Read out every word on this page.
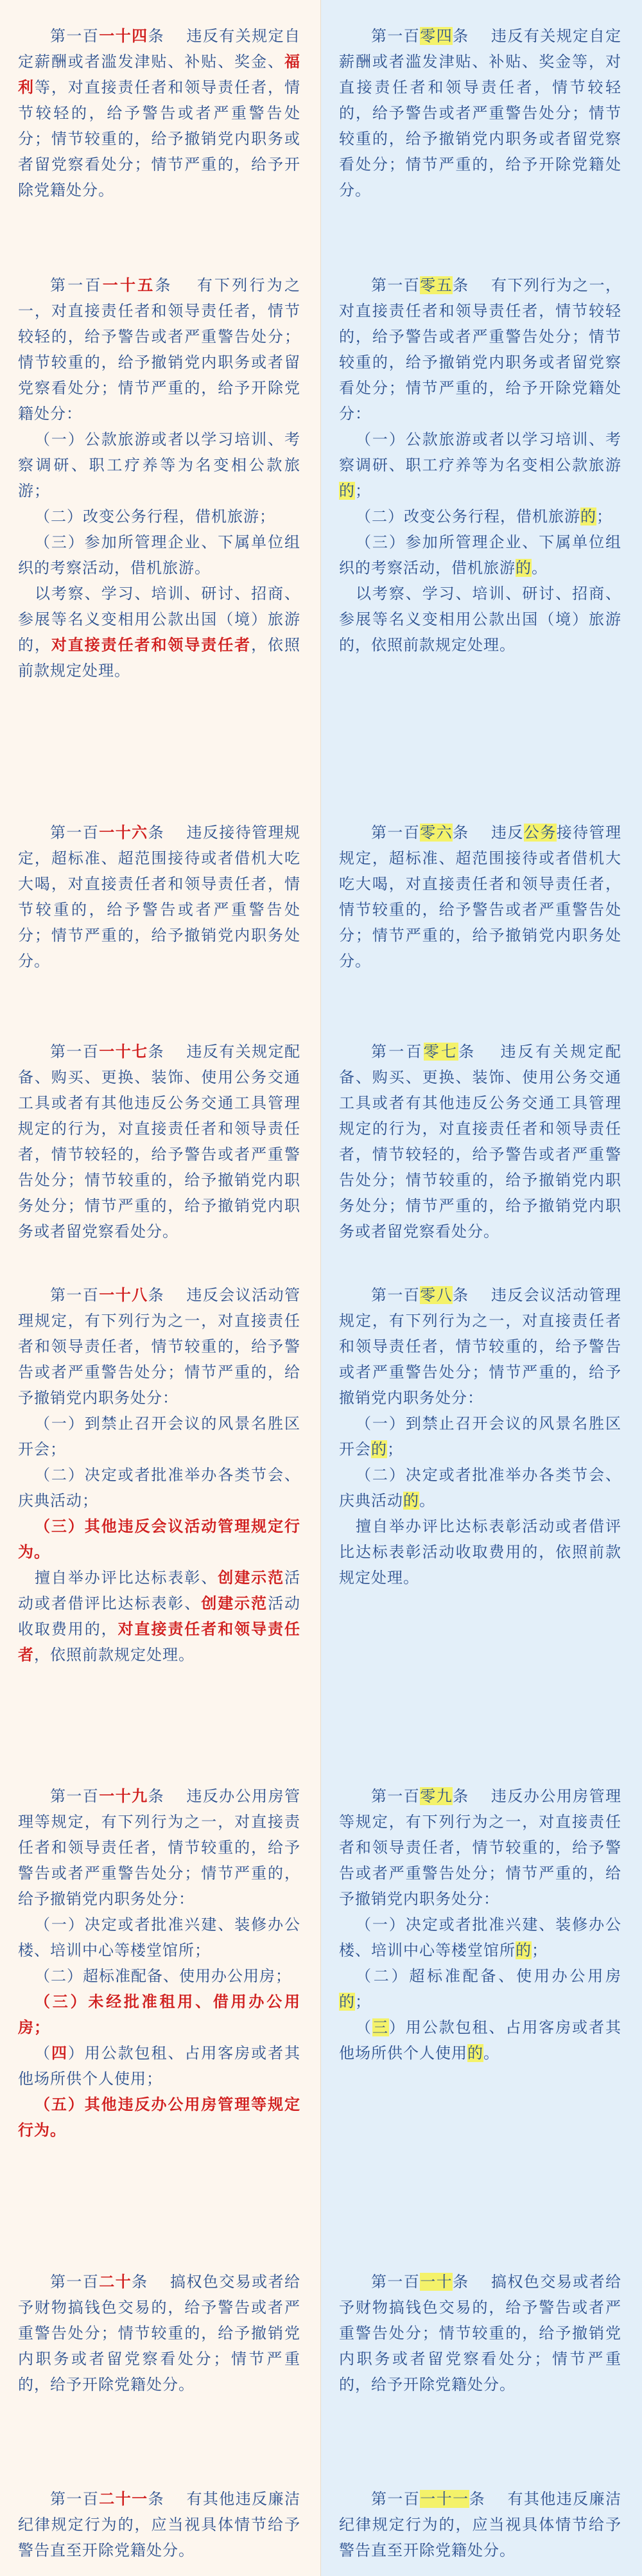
第一百一十四条　 违反有关规定自定薪酬或者滥发津贴、补贴、奖金、福利等，对直接责任者和领导责任者，情节较轻的，给予警告或者严重警告处分；情节较重的，给予撤销党内职务或者留党察看处分；情节严重的，给予开除党籍处分。

第一百一十五条　 有下列行为之一，对直接责任者和领导责任者，情节较轻的，给予警告或者严重警告处分；情节较重的，给予撤销党内职务或者留党察看处分；情节严重的，给予开除党籍处分：

（一）公款旅游或者以学习培训、考察调研、职工疗养等为名变相公款旅游；

（二）改变公务行程，借机旅游；

（三）参加所管理企业、下属单位组织的考察活动，借机旅游。

以考察、学习、培训、研讨、招商、参展等名义变相用公款出国（境）旅游的，对直接责任者和领导责任者，依照前款规定处理。

第一百一十六条　 违反接待管理规定，超标准、超范围接待或者借机大吃大喝，对直接责任者和领导责任者，情节较重的，给予警告或者严重警告处分；情节严重的，给予撤销党内职务处分。

第一百一十七条　 违反有关规定配备、购买、更换、装饰、使用公务交通工具或者有其他违反公务交通工具管理规定的行为，对直接责任者和领导责任者，情节较轻的，给予警告或者严重警告处分；情节较重的，给予撤销党内职务处分；情节严重的，给予撤销党内职务或者留党察看处分。

第一百一十八条　 违反会议活动管理规定，有下列行为之一，对直接责任者和领导责任者，情节较重的，给予警告或者严重警告处分；情节严重的，给予撤销党内职务处分：

（一）到禁止召开会议的风景名胜区开会；

（二）决定或者批准举办各类节会、庆典活动；

（三）其他违反会议活动管理规定行为。

擅自举办评比达标表彰、创建示范活动或者借评比达标表彰、创建示范活动收取费用的，对直接责任者和领导责任者，依照前款规定处理。

第一百一十九条　 违反办公用房管理等规定，有下列行为之一，对直接责任者和领导责任者，情节较重的，给予警告或者严重警告处分；情节严重的，给予撤销党内职务处分：

（一）决定或者批准兴建、装修办公楼、培训中心等楼堂馆所；

（二）超标准配备、使用办公用房；

（三）未经批准租用、借用办公用房；

（四）用公款包租、占用客房或者其他场所供个人使用；

（五）其他违反办公用房管理等规定行为。

第一百二十条　 搞权色交易或者给予财物搞钱色交易的，给予警告或者严重警告处分；情节较重的，给予撤销党内职务或者留党察看处分；情节严重的，给予开除党籍处分。

第一百二十一条　 有其他违反廉洁纪律规定行为的，应当视具体情节给予警告直至开除党籍处分。

第一百零四条　 违反有关规定自定薪酬或者滥发津贴、补贴、奖金等，对直接责任者和领导责任者，情节较轻的，给予警告或者严重警告处分；情节较重的，给予撤销党内职务或者留党察看处分；情节严重的，给予开除党籍处分。

第一百零五条　 有下列行为之一，对直接责任者和领导责任者，情节较轻的，给予警告或者严重警告处分；情节较重的，给予撤销党内职务或者留党察看处分；情节严重的，给予开除党籍处分：

（一）公款旅游或者以学习培训、考察调研、职工疗养等为名变相公款旅游的；

（二）改变公务行程，借机旅游的；

（三）参加所管理企业、下属单位组织的考察活动，借机旅游的。

以考察、学习、培训、研讨、招商、参展等名义变相用公款出国（境）旅游的，依照前款规定处理。

第一百零六条　 违反公务接待管理规定，超标准、超范围接待或者借机大吃大喝，对直接责任者和领导责任者，情节较重的，给予警告或者严重警告处分；情节严重的，给予撤销党内职务处分。

第一百零七条　 违反有关规定配备、购买、更换、装饰、使用公务交通工具或者有其他违反公务交通工具管理规定的行为，对直接责任者和领导责任者，情节较轻的，给予警告或者严重警告处分；情节较重的，给予撤销党内职务处分；情节严重的，给予撤销党内职务或者留党察看处分。

第一百零八条　 违反会议活动管理规定，有下列行为之一，对直接责任者和领导责任者，情节较重的，给予警告或者严重警告处分；情节严重的，给予撤销党内职务处分：

（一）到禁止召开会议的风景名胜区开会的；

（二）决定或者批准举办各类节会、庆典活动的。

擅自举办评比达标表彰活动或者借评比达标表彰活动收取费用的，依照前款规定处理。

第一百零九条　 违反办公用房管理等规定，有下列行为之一，对直接责任者和领导责任者，情节较重的，给予警告或者严重警告处分；情节严重的，给予撤销党内职务处分：

（一）决定或者批准兴建、装修办公楼、培训中心等楼堂馆所的；

（二）超标准配备、使用办公用房的；

（三）用公款包租、占用客房或者其他场所供个人使用的。

第一百一十条　 搞权色交易或者给予财物搞钱色交易的，给予警告或者严重警告处分；情节较重的，给予撤销党内职务或者留党察看处分；情节严重的，给予开除党籍处分。

第一百一十一条　 有其他违反廉洁纪律规定行为的，应当视具体情节给予警告直至开除党籍处分。
